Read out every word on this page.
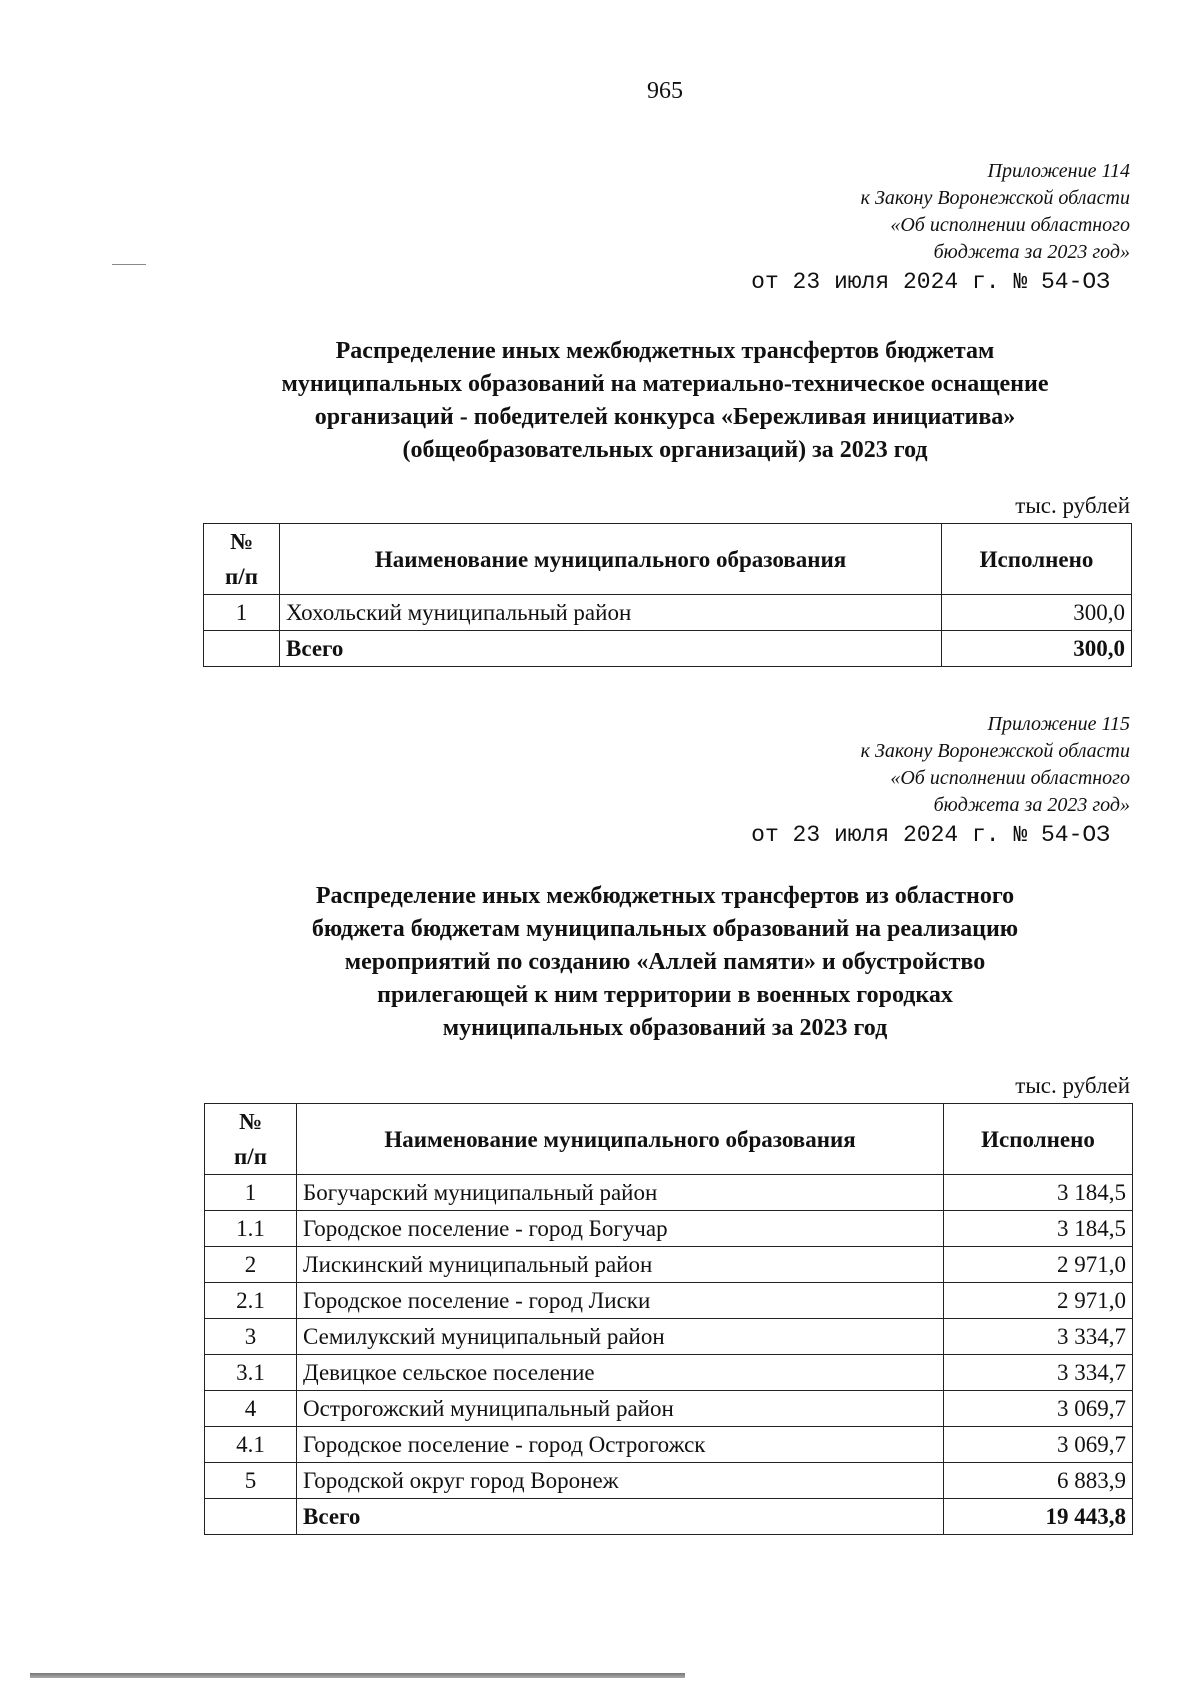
965
Приложение 114
к Закону Воронежской области
«Об исполнении областного
бюджета за 2023 год»
от 23 июля 2024 г. № 54-ОЗ
Распределение иных межбюджетных трансфертов бюджетам
муниципальных образований на материально-техническое оснащение
организаций - победителей конкурса «Бережливая инициатива»
(общеобразовательных организаций) за 2023 год
тыс. рублей
№
п/п	Наименование муниципального образования	Исполнено
1	Хохольский муниципальный район	300,0
	Всего	300,0
Приложение 115
к Закону Воронежской области
«Об исполнении областного
бюджета за 2023 год»
от 23 июля 2024 г. № 54-ОЗ
Распределение иных межбюджетных трансфертов из областного
бюджета бюджетам муниципальных образований на реализацию
мероприятий по созданию «Аллей памяти» и обустройство
прилегающей к ним территории в военных городках
муниципальных образований за 2023 год
тыс. рублей
№
п/п	Наименование муниципального образования	Исполнено
1	Богучарский муниципальный район	3 184,5
1.1	Городское поселение - город Богучар	3 184,5
2	Лискинский муниципальный район	2 971,0
2.1	Городское поселение - город Лиски	2 971,0
3	Семилукский муниципальный район	3 334,7
3.1	Девицкое сельское поселение	3 334,7
4	Острогожский муниципальный район	3 069,7
4.1	Городское поселение - город Острогожск	3 069,7
5	Городской округ город Воронеж	6 883,9
	Всего	19 443,8
